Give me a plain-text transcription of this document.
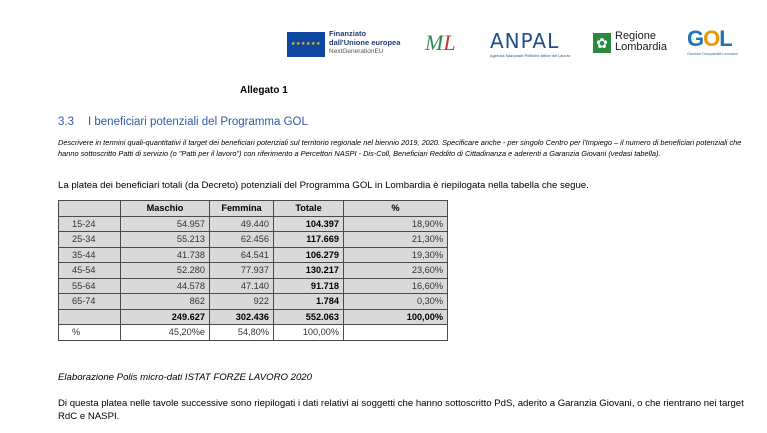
★★★★★★
Finanziato
dall'Unione europea
NextGenerationEU	ML	ANPAL
Agenzia Nazionale Politiche Attive del Lavoro
✿ Regione
Lombardia GOL
Garanzia Occupabilità Lavoratori
Allegato 1
3.3 I beneficiari potenziali del Programma GOL
Descrivere in termini quali-quantitativi il target dei beneficiari potenziali sul territorio regionale nel biennio 2019, 2020. Specificare anche - per singolo Centro per l'Impiego – il numero di beneficiari potenziali che hanno sottoscritto Patti di servizio (o "Patti per il lavoro") con riferimento a Percettori NASPI - Dis-Coll, Beneficiari Reddito di Cittadinanza e aderenti a Garanzia Giovani (vedasi tabella).
La platea dei beneficiari totali (da Decreto) potenziali del Programma GOL in Lombardia è riepilogata nella tabella che segue.
	Maschio	Femmina	Totale	%
15-24	54.957	49.440	104.397	18,90%
25-34	55.213	62.456	117.669	21,30%
35-44	41.738	64.541	106.279	19,30%
45-54	52.280	77.937	130.217	23,60%
55-64	44.578	47.140	91.718	16,60%
65-74	862	922	1.784	0,30%
	249.627	302.436	552.063	100,00%
%	45,20%e	54,80%	100,00%	
Elaborazione Polis micro-dati ISTAT FORZE LAVORO 2020
Di questa platea nelle tavole successive sono riepilogati i dati relativi ai soggetti che hanno sottoscritto PdS, aderito a Garanzia Giovani, o che rientrano nei target RdC e NASPI.
